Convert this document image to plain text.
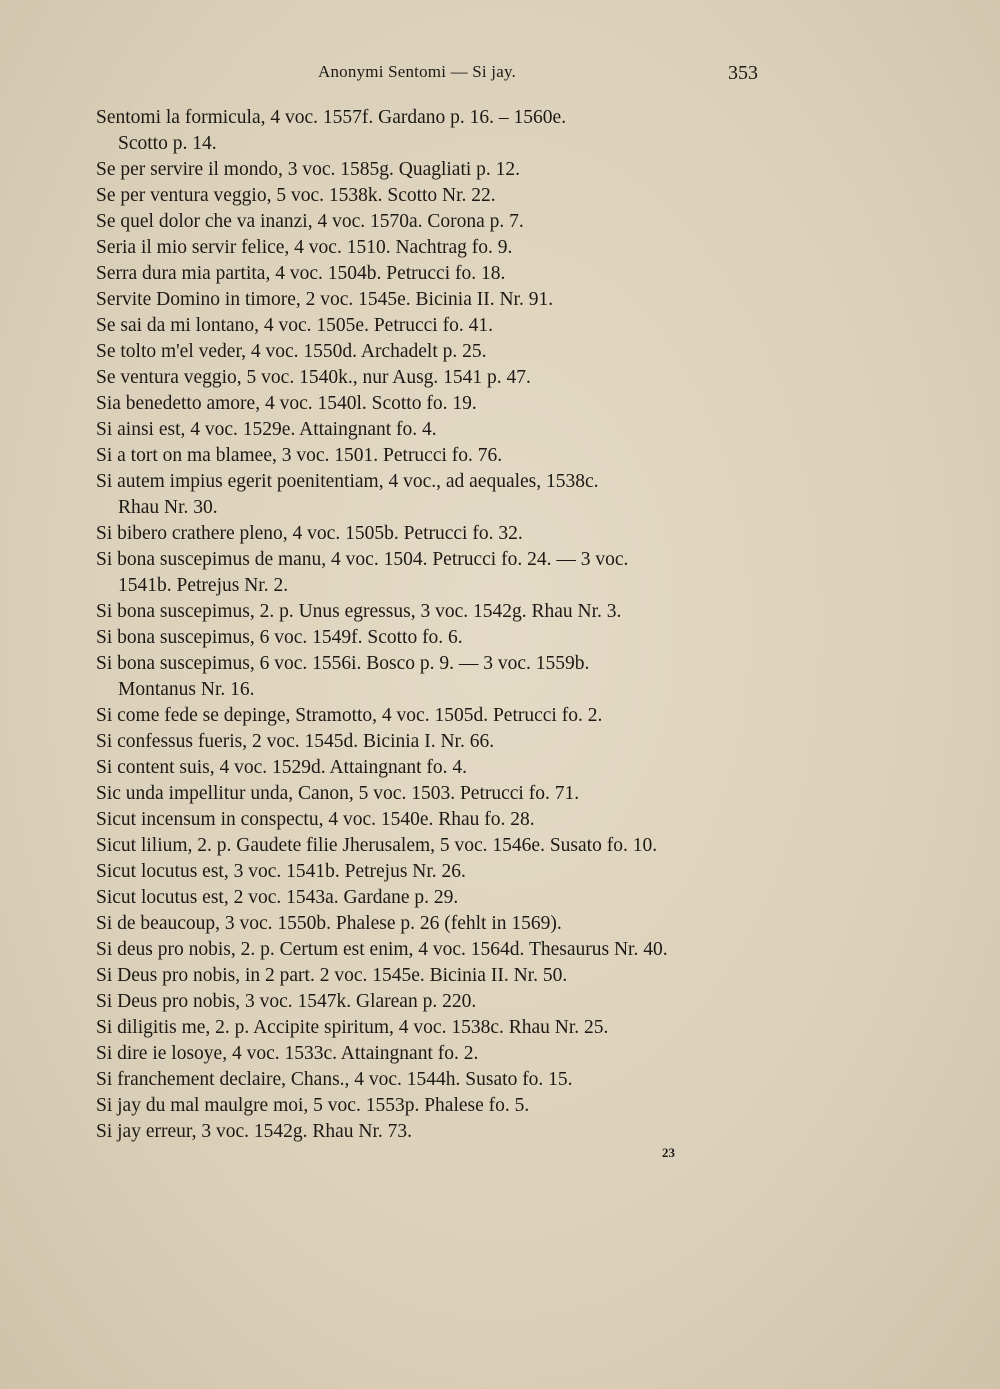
Anonymi Sentomi — Si jay.	353
Sentomi la formicula, 4 voc. 1557f. Gardano p. 16. – 1560e.
Scotto p. 14.
Se per servire il mondo, 3 voc. 1585g. Quagliati p. 12.
Se per ventura veggio, 5 voc. 1538k. Scotto Nr. 22.
Se quel dolor che va inanzi, 4 voc. 1570a. Corona p. 7.
Seria il mio servir felice, 4 voc. 1510. Nachtrag fo. 9.
Serra dura mia partita, 4 voc. 1504b. Petrucci fo. 18.
Servite Domino in timore, 2 voc. 1545e. Bicinia II. Nr. 91.
Se sai da mi lontano, 4 voc. 1505e. Petrucci fo. 41.
Se tolto m'el veder, 4 voc. 1550d. Archadelt p. 25.
Se ventura veggio, 5 voc. 1540k., nur Ausg. 1541 p. 47.
Sia benedetto amore, 4 voc. 1540l. Scotto fo. 19.
Si ainsi est, 4 voc. 1529e. Attaingnant fo. 4.
Si a tort on ma blamee, 3 voc. 1501. Petrucci fo. 76.
Si autem impius egerit poenitentiam, 4 voc., ad aequales, 1538c.
Rhau Nr. 30.
Si bibero crathere pleno, 4 voc. 1505b. Petrucci fo. 32.
Si bona suscepimus de manu, 4 voc. 1504. Petrucci fo. 24. — 3 voc.
1541b. Petrejus Nr. 2.
Si bona suscepimus, 2. p. Unus egressus, 3 voc. 1542g. Rhau Nr. 3.
Si bona suscepimus, 6 voc. 1549f. Scotto fo. 6.
Si bona suscepimus, 6 voc. 1556i. Bosco p. 9. — 3 voc. 1559b.
Montanus Nr. 16.
Si come fede se depinge, Stramotto, 4 voc. 1505d. Petrucci fo. 2.
Si confessus fueris, 2 voc. 1545d. Bicinia I. Nr. 66.
Si content suis, 4 voc. 1529d. Attaingnant fo. 4.
Sic unda impellitur unda, Canon, 5 voc. 1503. Petrucci fo. 71.
Sicut incensum in conspectu, 4 voc. 1540e. Rhau fo. 28.
Sicut lilium, 2. p. Gaudete filie Jherusalem, 5 voc. 1546e. Susato fo. 10.
Sicut locutus est, 3 voc. 1541b. Petrejus Nr. 26.
Sicut locutus est, 2 voc. 1543a. Gardane p. 29.
Si de beaucoup, 3 voc. 1550b. Phalese p. 26 (fehlt in 1569).
Si deus pro nobis, 2. p. Certum est enim, 4 voc. 1564d. Thesaurus Nr. 40.
Si Deus pro nobis, in 2 part. 2 voc. 1545e. Bicinia II. Nr. 50.
Si Deus pro nobis, 3 voc. 1547k. Glarean p. 220.
Si diligitis me, 2. p. Accipite spiritum, 4 voc. 1538c. Rhau Nr. 25.
Si dire ie losoye, 4 voc. 1533c. Attaingnant fo. 2.
Si franchement declaire, Chans., 4 voc. 1544h. Susato fo. 15.
Si jay du mal maulgre moi, 5 voc. 1553p. Phalese fo. 5.
Si jay erreur, 3 voc. 1542g. Rhau Nr. 73.
23
